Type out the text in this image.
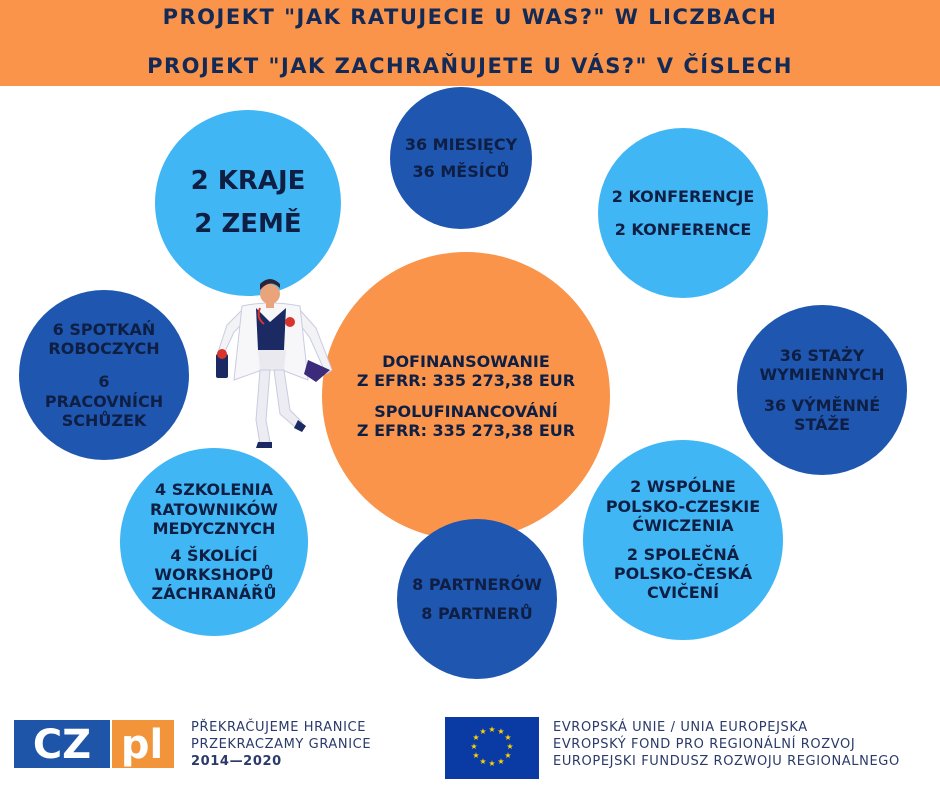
PROJEKT "JAK RATUJECIE U WAS?" W LICZBACH
PROJEKT "JAK ZACHRAŇUJETE U VÁS?" V ČÍSLECH

2 KRAJE

2 ZEMĚ

36 MIESIĘCY

36 MĚSÍCŮ

2 KONFERENCJE

2 KONFERENCE

6 SPOTKAŃ ROBOCZYCH

6 PRACOVNÍCH SCHŮZEK

DOFINANSOWANIE
Z EFRR: 335 273,38 EUR

SPOLUFINANCOVÁNÍ
Z EFRR: 335 273,38 EUR

36 STAŻY WYMIENNYCH

36 VÝMĚNNÉ STÁŽE

4 SZKOLENIA RATOWNIKÓW MEDYCZNYCH

4 ŠKOLÍCÍ WORKSHOPŮ ZÁCHRANÁŘŮ

8 PARTNERÓW

8 PARTNERŮ

2 WSPÓLNE POLSKO-CZESKIE ĆWICZENIA

2 SPOLEČNÁ POLSKO-ČESKÁ CVIČENÍ

CZ pl PŘEKRAČUJEME HRANICE
PRZEKRACZAMY GRANICE
2014—2020
★ ★
★
★
★
★
★
★
★
★
★
★	EVROPSKÁ UNIE / UNIA EUROPEJSKA
EVROPSKÝ FOND PRO REGIONÁLNÍ ROZVOJ
EUROPEJSKI FUNDUSZ ROZWOJU REGIONALNEGO
